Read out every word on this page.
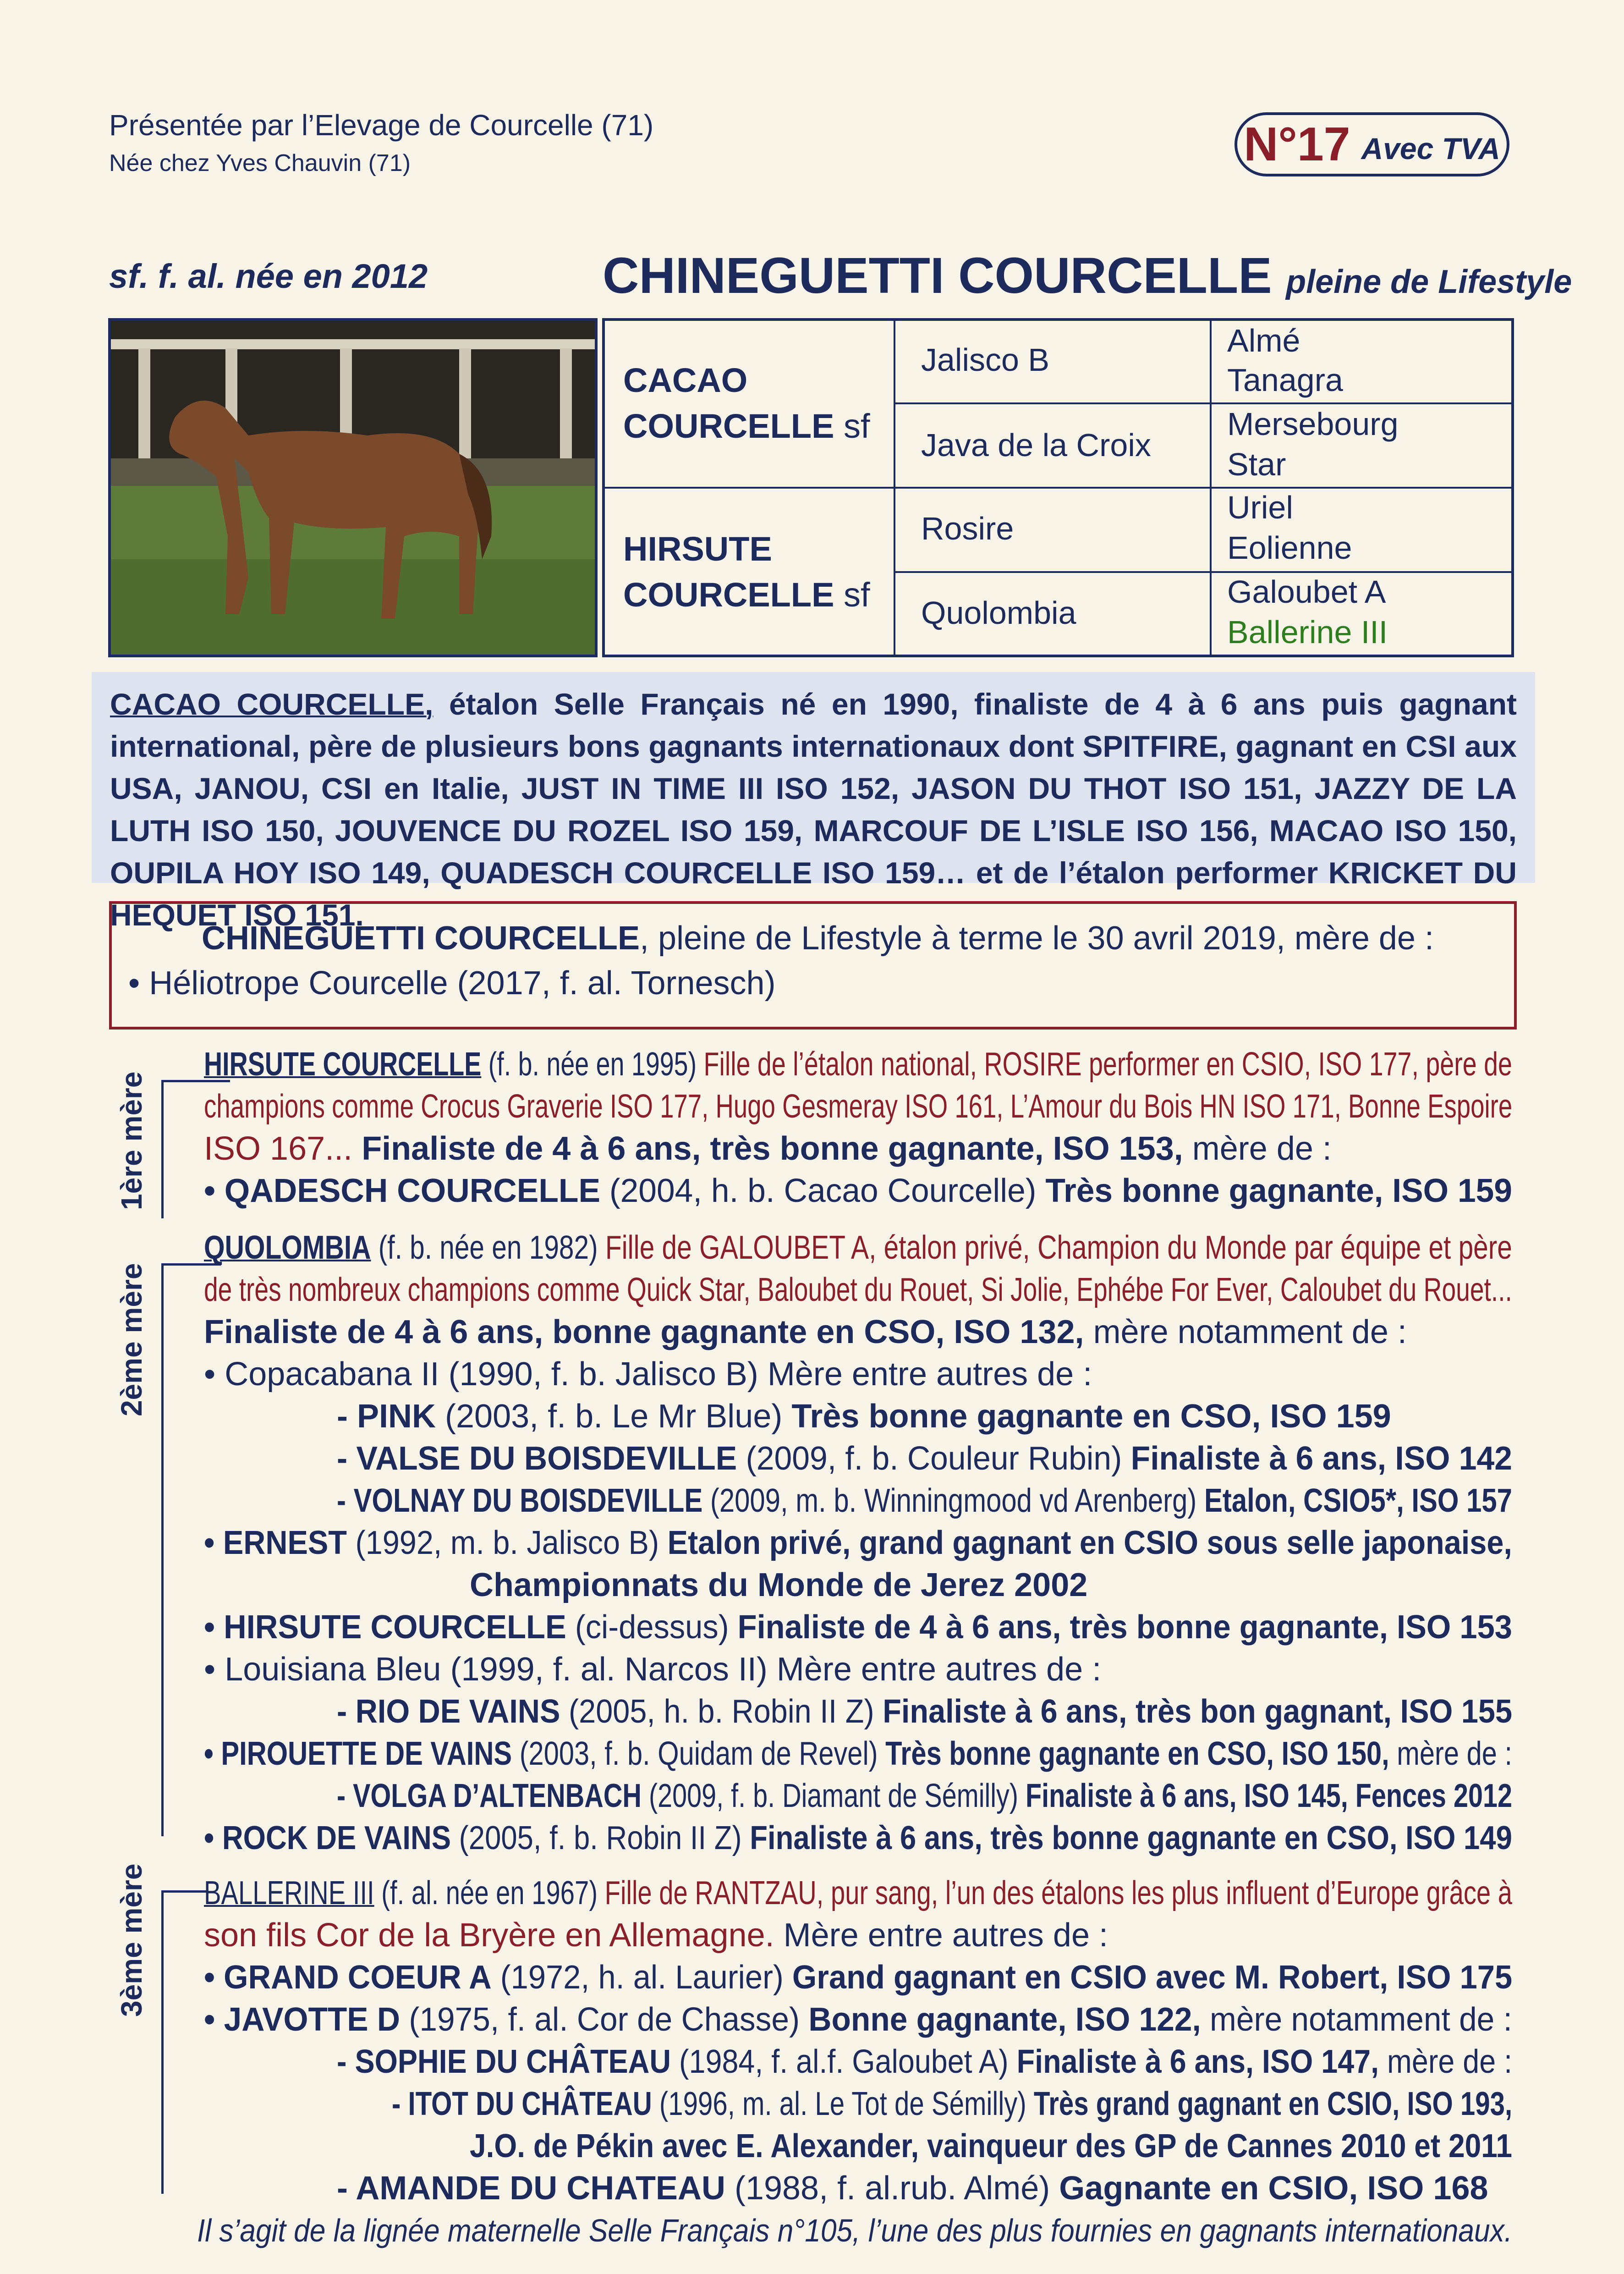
Présentée par l’Elevage de Courcelle (71)
Née chez Yves Chauvin (71)	N°17 Avec TVA
sf. f. al. née en 2012	CHINEGUETTI COURCELLE pleine de Lifestyle
CACAO
COURCELLE sf
HIRSUTE
COURCELLE sf
Jalisco B
Java de la Croix
Rosire
Quolombia
Almé
Tanagra
Mersebourg
Star
Uriel
Eolienne
Galoubet A
Ballerine III
CACAO COURCELLE, étalon Selle Français né en 1990, finaliste de 4 à 6 ans puis gagnant international, père de plusieurs bons gagnants internationaux dont SPITFIRE, gagnant en CSI aux USA, JANOU, CSI en Italie, JUST IN TIME III ISO 152, JASON DU THOT ISO 151, JAZZY DE LA LUTH ISO 150, JOUVENCE DU ROZEL ISO 159, MARCOUF DE L’ISLE ISO 156, MACAO ISO 150, OUPILA HOY ISO 149, QUADESCH COURCELLE ISO 159… et de l’étalon performer KRICKET DU HEQUET ISO 151.
CHINEGUETTI COURCELLE, pleine de Lifestyle à terme le 30 avril 2019, mère de :
• Héliotrope Courcelle (2017, f. al. Tornesch)
1ère mère
2ème mère
3ème mère
HIRSUTE COURCELLE (f. b. née en 1995) Fille de l’étalon national, ROSIRE performer en CSIO, ISO 177, père de
champions comme Crocus Graverie ISO 177, Hugo Gesmeray ISO 161, L’Amour du Bois HN ISO 171, Bonne Espoire
ISO 167... Finaliste de 4 à 6 ans, très bonne gagnante, ISO 153, mère de :
• QADESCH COURCELLE (2004, h. b. Cacao Courcelle) Très bonne gagnante, ISO 159
QUOLOMBIA (f. b. née en 1982) Fille de GALOUBET A, étalon privé, Champion du Monde par équipe et père
de très nombreux champions comme Quick Star, Baloubet du Rouet, Si Jolie, Ephébe For Ever, Caloubet du Rouet...
Finaliste de 4 à 6 ans, bonne gagnante en CSO, ISO 132, mère notamment de :
• Copacabana II (1990, f. b. Jalisco B) Mère entre autres de :
- PINK (2003, f. b. Le Mr Blue) Très bonne gagnante en CSO, ISO 159
- VALSE DU BOISDEVILLE (2009, f. b. Couleur Rubin) Finaliste à 6 ans, ISO 142
- VOLNAY DU BOISDEVILLE (2009, m. b. Winningmood vd Arenberg) Etalon, CSIO5*, ISO 157
• ERNEST (1992, m. b. Jalisco B) Etalon privé, grand gagnant en CSIO sous selle japonaise,
Championnats du Monde de Jerez 2002
• HIRSUTE COURCELLE (ci-dessus) Finaliste de 4 à 6 ans, très bonne gagnante, ISO 153
• Louisiana Bleu (1999, f. al. Narcos II) Mère entre autres de :
- RIO DE VAINS (2005, h. b. Robin II Z) Finaliste à 6 ans, très bon gagnant, ISO 155
• PIROUETTE DE VAINS (2003, f. b. Quidam de Revel) Très bonne gagnante en CSO, ISO 150, mère de :
- VOLGA D’ALTENBACH (2009, f. b. Diamant de Sémilly) Finaliste à 6 ans, ISO 145, Fences 2012
• ROCK DE VAINS (2005, f. b. Robin II Z) Finaliste à 6 ans, très bonne gagnante en CSO, ISO 149
BALLERINE III (f. al. née en 1967) Fille de RANTZAU, pur sang, l’un des étalons les plus influent d’Europe grâce à
son fils Cor de la Bryère en Allemagne. Mère entre autres de :
• GRAND COEUR A (1972, h. al. Laurier) Grand gagnant en CSIO avec M. Robert, ISO 175
• JAVOTTE D (1975, f. al. Cor de Chasse) Bonne gagnante, ISO 122, mère notamment de :
- SOPHIE DU CHÂTEAU (1984, f. al.f. Galoubet A) Finaliste à 6 ans, ISO 147, mère de :
- ITOT DU CHÂTEAU (1996, m. al. Le Tot de Sémilly) Très grand gagnant en CSIO, ISO 193,
J.O. de Pékin avec E. Alexander, vainqueur des GP de Cannes 2010 et 2011
- AMANDE DU CHATEAU (1988, f. al.rub. Almé) Gagnante en CSIO, ISO 168
Il s’agit de la lignée maternelle Selle Français n°105, l’une des plus fournies en gagnants internationaux.
